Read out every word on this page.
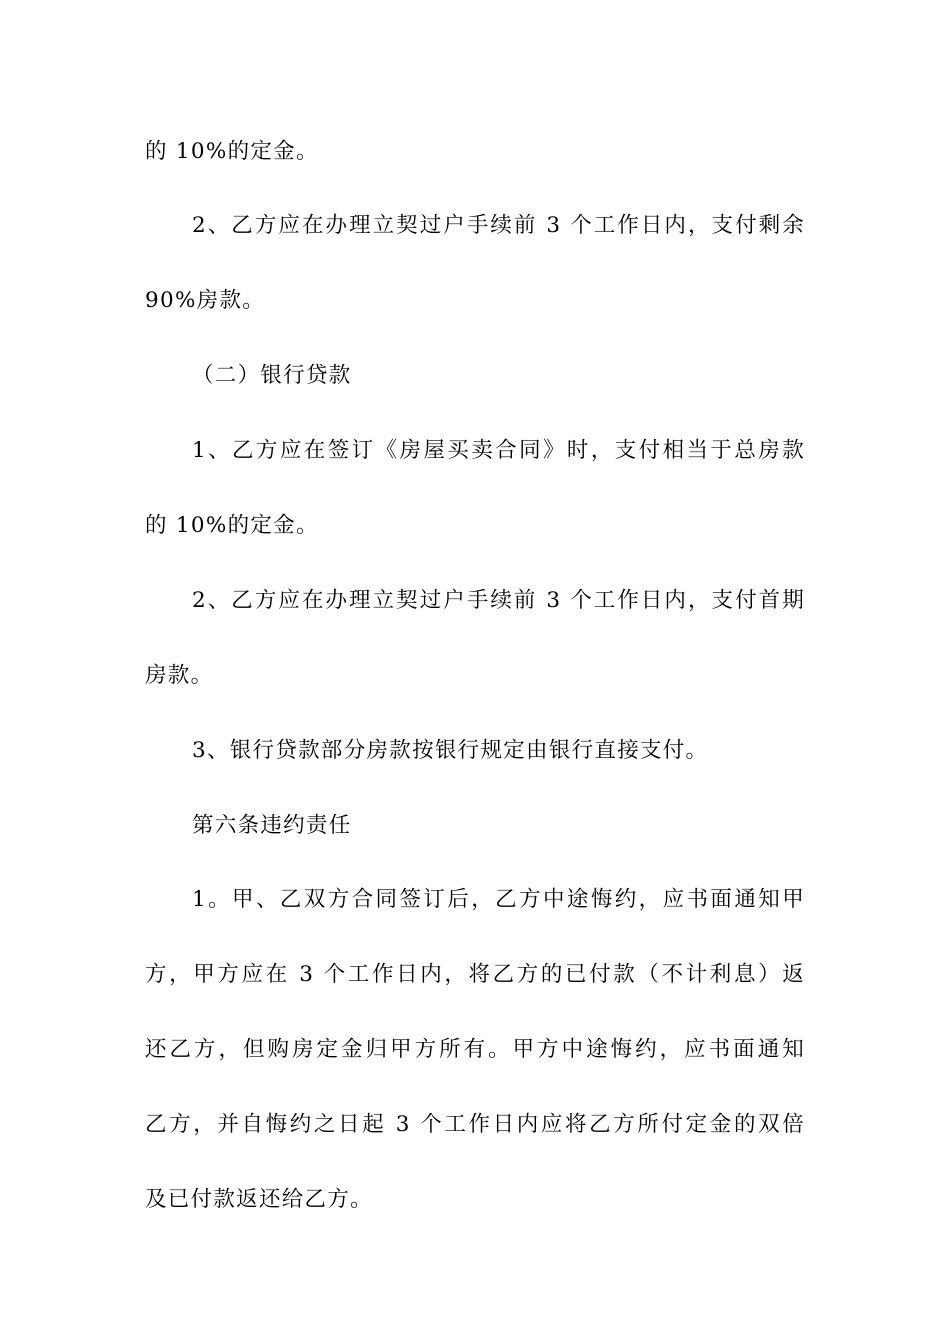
的 10%的定金。
2、乙方应在办理立契过户手续前 3 个工作日内，支付剩余
90%房款。
（二）银行贷款
1、乙方应在签订《房屋买卖合同》时，支付相当于总房款
的 10%的定金。
2、乙方应在办理立契过户手续前 3 个工作日内，支付首期
房款。
3、银行贷款部分房款按银行规定由银行直接支付。
第六条违约责任
1。甲、乙双方合同签订后，乙方中途悔约，应书面通知甲
方，甲方应在 3 个工作日内，将乙方的已付款（不计利息）返
还乙方，但购房定金归甲方所有。甲方中途悔约，应书面通知
乙方，并自悔约之日起 3 个工作日内应将乙方所付定金的双倍
及已付款返还给乙方。
